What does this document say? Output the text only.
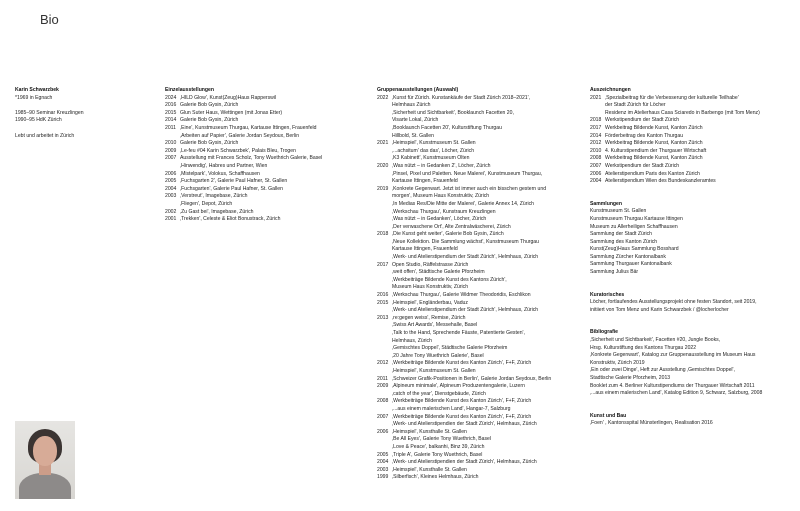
Bio
Karin Schwarzbek
*1969 in Egnach
1985–90 Seminar Kreuzlingen
1990–95 HdK Zürich
Lebt und arbeitet in Zürich
Einzelausstellungen
2024 ‚HILD Glow', Kunst(Zeug)Haus Rapperswil
2016 Galerie Bob Gysin, Zürich
2015 Glun Suter Haus, Wettingen (mit Jonas Etter)
2014 Galerie Bob Gysin, Zürich
2011 ‚Eine', Kunstmuseum Thurgau, Kartause Ittingen, Frauenfeld
‚Arbeiten auf Papier', Galerie Jordan Seydoux, Berlin
2010 Galerie Bob Gysin, Zürich
2009 ‚Le-feu #04 Karin Schwarzbek', Palais Bleu, Trogen
2007 Ausstellung mit Frances Scholz, Tony Wuethrich Galerie, Basel
‚Hinwendig', Habres und Partner, Wien
2006 ‚Mistelpark', Volokus, Schaffhausen
2005 ‚Fuchsgarten 2', Galerie Paul Hafner, St. Gallen
2004 ‚Fuchsgarten', Galerie Paul Hafner, St. Gallen
2003 ‚Verstreut', Imagebase, Zürich
‚Fliegen', Depot, Zürich
2002 ‚Zu Gast bei', Imagebase, Zürich
2001 ‚Trekken', Celeste & Eliot Bonustrack, Zürich
Gruppenausstellungen (Auswahl)
2022 ‚Kunst für Zürich. Kunstankäufe der Stadt Zürich 2018–2021',
Helmhaus Zürich
‚Sicherheit und Sichtbarkeit', Booklaunch Facetten 20,
Visarte Lokal, Zürich
‚Booklaunch Facetten 20', Kulturstiftung Thurgau
Hillbold, St. Gallen
2021 ‚Heimspiel', Kunstmuseum St. Gallen
‚...achsitum' das das', Löcher, Zürich
‚K3 Kabinett', Kunstmuseum Olten
2020 ‚Was nützt – in Gedanken 2', Löcher, Zürich
‚Pinsel, Pixel und Paletten. Neue Malerei', Kunstmuseum Thurgau,
Kartause Ittingen, Frauenfeld
2019 ‚Konkrete Gegenwart. Jetzt ist immer auch ein bisschen gestern und
morgen', Museum Haus Konstruktiv, Zürich
‚In Medias Res/Die Mitte der Malerei', Galerie Annex 14, Zürich
‚Werkschau Thurgau', Kunstraum Kreuzlingen
‚Was nützt – in Gedanken', Löcher, Zürich
‚Der verwaschene Ort', Alte Zentralwäscherei, Zürich
2018 ‚Die Kunst geht weiter', Galerie Bob Gysin, Zürich
‚Neue Kollektion. Die Sammlung wächst', Kunstmuseum Thurgau
Kartause Ittingen, Frauenfeld
‚Werk- und Atelierstipendium der Stadt Zürich', Helmhaus, Zürich
2017 Open Studio, Räffelstrasse Zürich
‚weit offen', Städtische Galerie Pforzheim
‚Werkbeiträge Bildende Kunst des Kantons Zürich',
Museum Haus Konstruktiv, Zürich
2016 ‚Werkschau Thurgau', Galerie Widmer Theodoridis, Eschlikon
2015 ‚Heimspiel', Engländerbau, Vaduz
‚Werk- und Atelierstipendium der Stadt Zürich', Helmhaus, Zürich
2013 ‚re:gegen weiss', Remise, Zürich
‚Swiss Art Awards', Messehalle, Basel
‚Talk to the Hand, Sprechende Fäuste, Patentierte Gesten',
Helmhaus, Zürich
‚Gemischtes Doppel', Städtische Galerie Pforzheim
‚20 Jahre Tony Wuethrich Galerie', Basel
2012 ‚Werkbeiträge Bildende Kunst des Kanton Zürich', F+F, Zürich
‚Heimspiel', Kunstmuseum St. Gallen
2011 ‚Schweizer Grafik-Positionen in Berlin', Galerie Jordan Seydoux, Berlin
2009 ‚Alpineum minimale', Alpineum Produzentengalerie, Luzern
‚catch of the year', Dienstgebäude, Zürich
2008 ‚Werkbeiträge Bildende Kunst des Kanton Zürich', F+F, Zürich
‚...aus einem malerischen Land', Hangar-7, Salzburg
2007 ‚Werkbeiträge Bildende Kunst des Kanton Zürich', F+F, Zürich
‚Werk- und Atelierstipendien der Stadt Zürich', Helmhaus, Zürich
2006 ‚Heimspiel', Kunsthalle St. Gallen
‚Be All Eyes', Galerie Tony Wuethrich, Basel
‚Love & Peace', balkanhi, Binz 39, Zürich
2005 ‚Triple A', Galerie Tony Wuethrich, Basel
2004 ‚Werk- und Atelierstipendien der Stadt Zürich', Helmhaus, Zürich
2003 ‚Heimspiel', Kunsthalle St. Gallen
1999 ‚Silberfisch', Kleines Helmhaus, Zürich
Auszeichnungen
2021 ‚Spezialbeitrag für die Verbesserung der kulturelle Teilhabe'
der Stadt Zürich für Löcher
Residenz im Atelierhaus Casa Sciaredo in Barbengo (mit Tom Menz)
2018 Werkstipendium der Stadt Zürich
2017 Werkbeitrag Bildende Kunst, Kanton Zürich
2014 Förderbeitrag des Kanton Thurgau
2012 Werkbeitrag Bildende Kunst, Kanton Zürich
2010 4. Kulturstipendium der Thurgauer Wirtschaft
2008 Werkbeitrag Bildende Kunst, Kanton Zürich
2007 Werkstipendium der Stadt Zürich
2006 Atelierstipendium Paris des Kanton Zürich
2004 Atelierstipendium Wien des Bundeskanzleramtes
Sammlungen
Kunstmuseum St. Gallen
Kunstmuseum Thurgau Kartause Ittingen
Museum zu Allerheiligen Schaffhausen
Sammlung der Stadt Zürich
Sammlung des Kanton Zürich
Kunst(Zeug)Haus Sammlung Bosshard
Sammlung Zürcher Kantonalbank
Sammlung Thurgauer Kantonalbank
Sammlung Julius Bär
Kuratorisches
Löcher, fortlaufendes Ausstellungsprojekt ohne festen Standort, seit 2019,
initiiert von Tom Menz und Karin Schwarzbek / @locherlocher
Bibliografie
‚Sicherheit und Sichtbarkeit', Facetten #20, Jungle Books,
Hrsg. Kulturstiftung des Kantons Thurgau 2022
‚Konkrete Gegenwart', Katalog zur Gruppenausstellung im Museum Haus
Konstruktiv, Zürich 2019
‚Ein oder zwei Dinge', Heft zur Ausstellung ‚Gemischtes Doppel',
Stadtische Galerie Pforzheim, 2013
Booklet zum 4. Berliner Kulturstipendiums der Thurgauer Wirtschaft 2011
‚...aus einem malerischen Land', Katalog Edition 9, Schwarz, Salzburg, 2008
Kunst und Bau
‚Foen' , Kantonsspital Münsterlingen, Realisation 2016
